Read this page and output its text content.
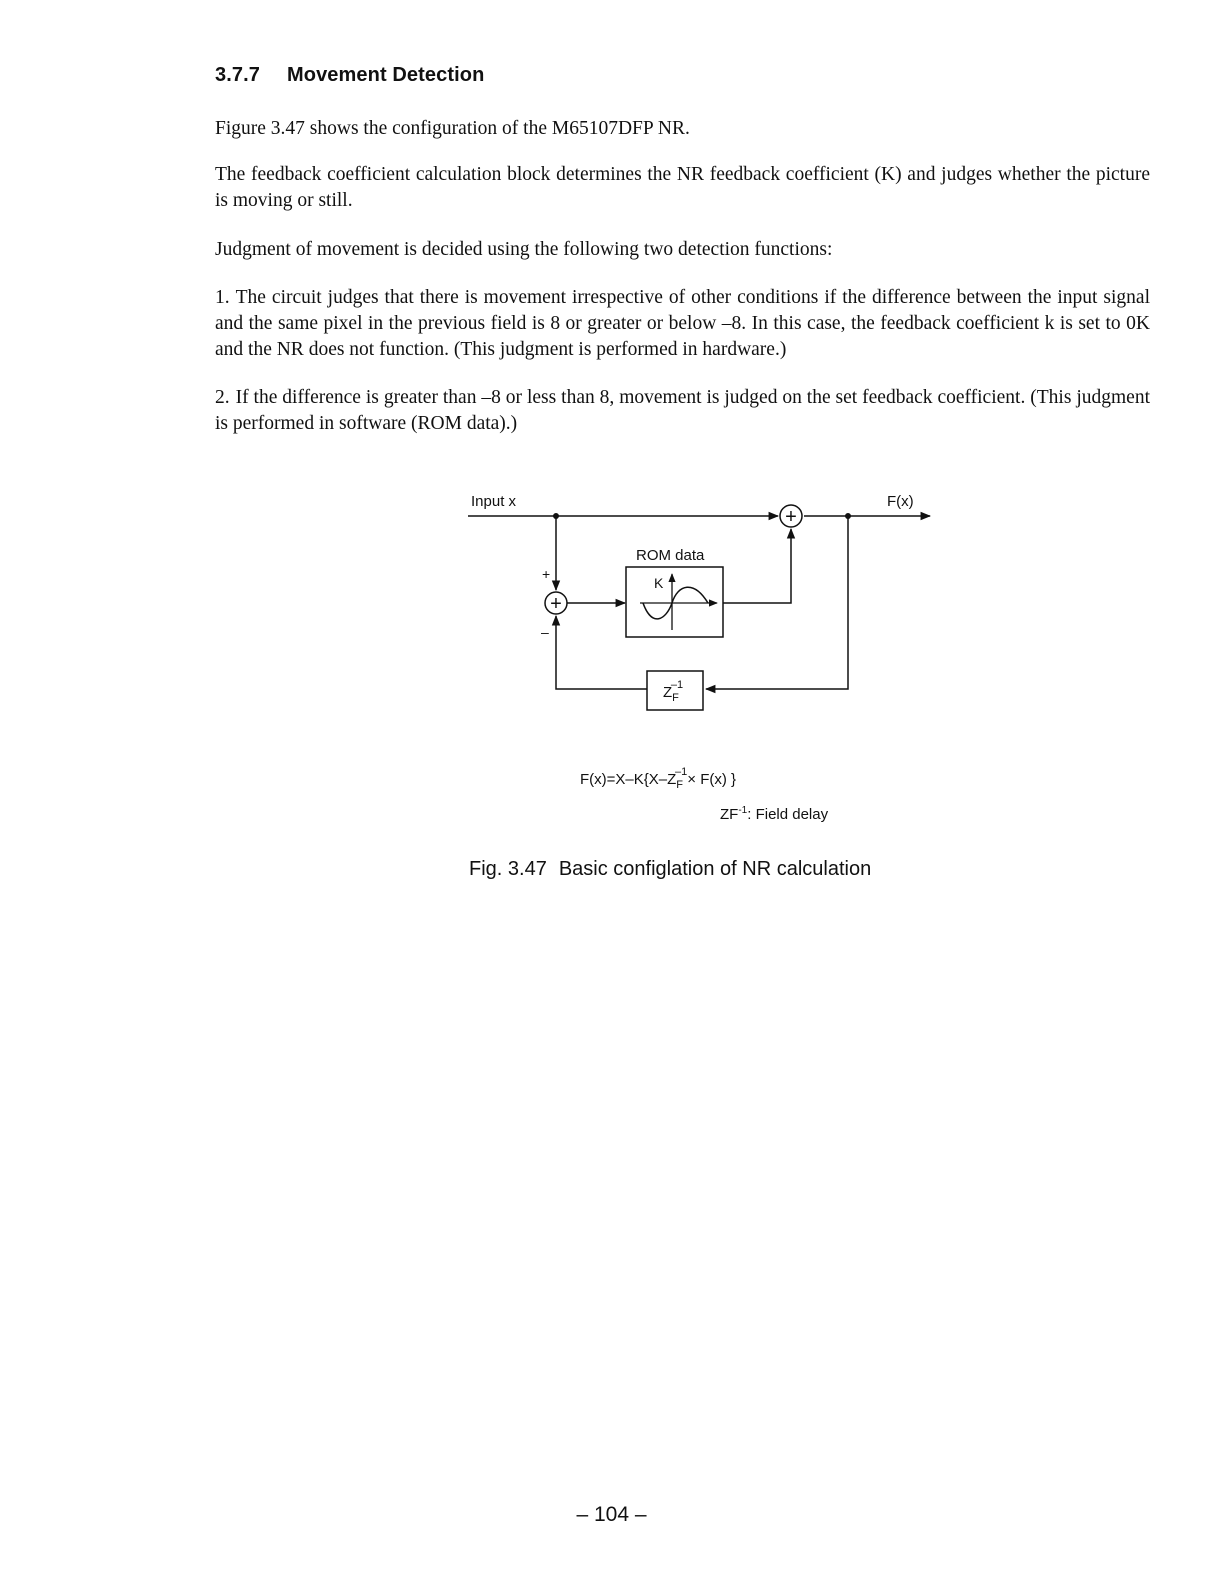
3.7.7 Movement Detection

Figure 3.47 shows the configuration of the M65107DFP NR.

The feedback coefficient calculation block determines the NR feedback coefficient (K) and judges whether the picture is moving or still.

Judgment of movement is decided using the following two detection functions:

1. The circuit judges that there is movement irrespective of other conditions if the difference between the input signal and the same pixel in the previous field is 8 or greater or below –8. In this case, the feedback coefficient k is set to 0K and the NR does not function. (This judgment is performed in hardware.)

2. If the difference is greater than –8 or less than 8, movement is judged on the set feedback coefficient. (This judgment is performed in software (ROM data).)

Input x	F(x)
+
+
+
–
ROM data
K
$Z_F-1$
$F(x)=X-K\{X-Z_F-1\times F(x)$ }
$ZF^{-1}$: Field delay

Fig. 3.47 Basic configlation of NR calculation

– 104 –
